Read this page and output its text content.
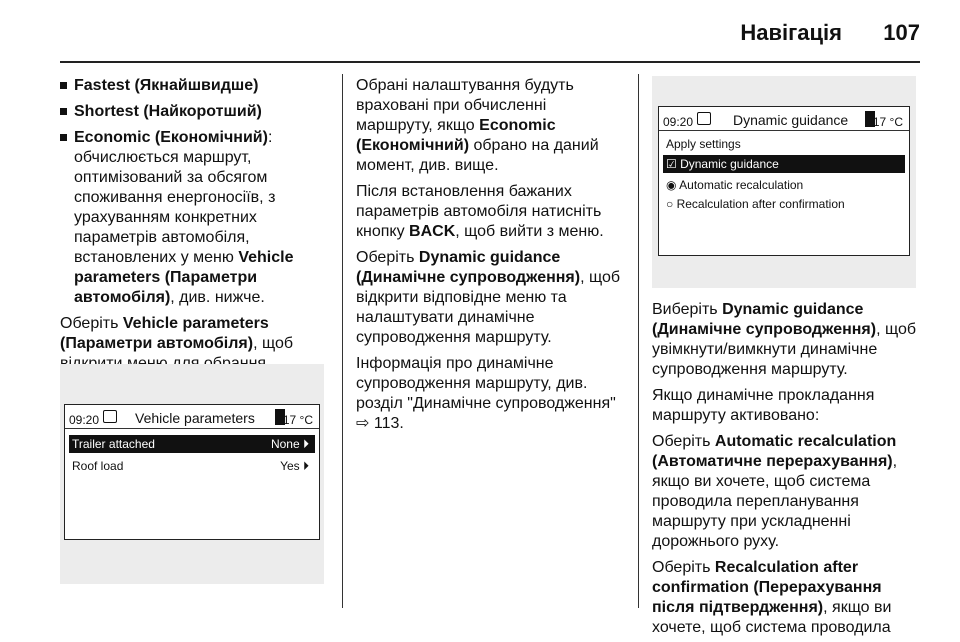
Навігація 107
Fastest (Якнайшвидше)
Shortest (Найкоротший)
Economic (Економічний):
обчислюється маршрут, оптимізований за обсягом споживання енергоносіїв, з урахуванням конкретних параметрів автомобіля, встановлених у меню Vehicle parameters (Параметри автомобіля), див. нижче.

Оберіть Vehicle parameters (Параметри автомобіля), щоб

09:20	Vehicle parameters 17 °C
Trailer attached	None ⏵
Roof load	Yes ⏵

Обрані налаштування будуть враховані при обчисленні маршруту, якщо Economic (Економічний) обрано на даний момент, див. вище.

Після встановлення бажаних параметрів автомобіля натисніть кнопку BACK, щоб вийти з меню.

Оберіть Dynamic guidance (Динамічне супроводження), щоб відкрити відповідне меню та налаштувати динамічне супроводження маршруту.

Інформація про динамічне супроводження маршруту, див. розділ "Динамічне супроводження"
⇨ 113.

09:20	Dynamic guidance 17 °C
Apply settings
☑ Dynamic guidance
◉ Automatic recalculation
○ Recalculation after confirmation

Виберіть Dynamic guidance (Динамічне супроводження), щоб увімкнути/вимкнути динамічне супроводження маршруту.

Якщо динамічне прокладання маршруту активовано:

Оберіть Automatic recalculation (Автоматичне перерахування), якщо ви хочете, щоб система проводила перепланування маршруту при ускладненні дорожнього руху.

Оберіть Recalculation after confirmation (Перерахування після підтвердження), якщо ви хочете, щоб система проводила
